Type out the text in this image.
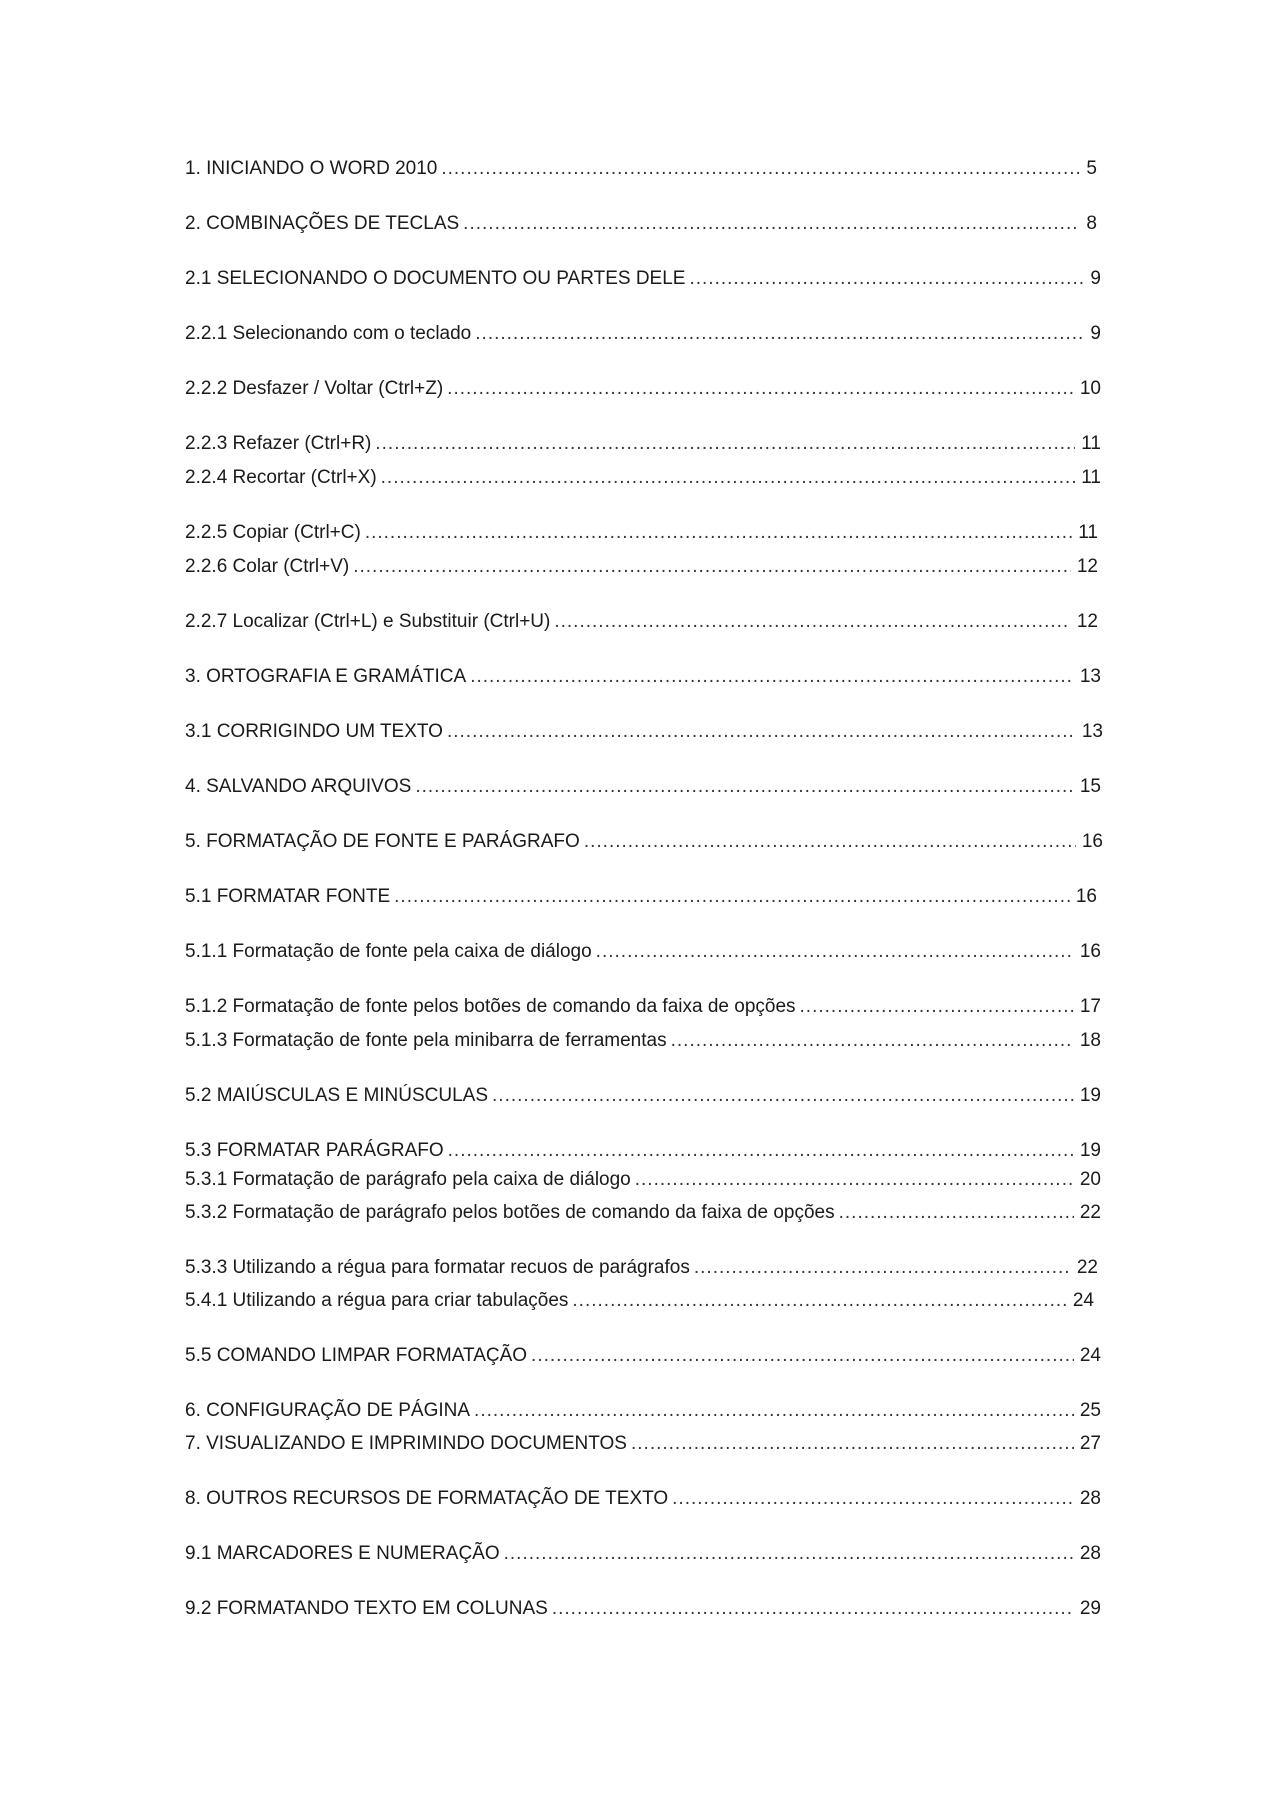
1. INICIANDO O WORD 2010 .....	5
2. COMBINAÇÕES DE TECLAS .....	8
2.1 SELECIONANDO O DOCUMENTO OU PARTES DELE .....	9
2.2.1 Selecionando com o teclado .....	9
2.2.2 Desfazer / Voltar (Ctrl+Z) .....	10
2.2.3 Refazer (Ctrl+R) .....	11
2.2.4 Recortar (Ctrl+X) .....	11
2.2.5 Copiar (Ctrl+C) .....	11
2.2.6 Colar (Ctrl+V) .....	12
2.2.7 Localizar (Ctrl+L) e Substituir (Ctrl+U) .....	12
3. ORTOGRAFIA E GRAMÁTICA .....	13
3.1 CORRIGINDO UM TEXTO .....	13
4. SALVANDO ARQUIVOS .....	15
5. FORMATAÇÃO DE FONTE E PARÁGRAFO .....	16
5.1 FORMATAR FONTE .....	16
5.1.1 Formatação de fonte pela caixa de diálogo .....	16
5.1.2 Formatação de fonte pelos botões de comando da faixa de opções .....	17
5.1.3 Formatação de fonte pela minibarra de ferramentas .....	18
5.2 MAIÚSCULAS E MINÚSCULAS .....	19
5.3 FORMATAR PARÁGRAFO .....	19
5.3.1 Formatação de parágrafo pela caixa de diálogo .....	20
5.3.2 Formatação de parágrafo pelos botões de comando da faixa de opções .....	22
5.3.3 Utilizando a régua para formatar recuos de parágrafos .....	22
5.4.1 Utilizando a régua para criar tabulações .....	24
5.5 COMANDO LIMPAR FORMATAÇÃO .....	24
6. CONFIGURAÇÃO DE PÁGINA .....	25
7. VISUALIZANDO E IMPRIMINDO DOCUMENTOS .....	27
8. OUTROS RECURSOS DE FORMATAÇÃO DE TEXTO .....	28
9.1 MARCADORES E NUMERAÇÃO .....	28
9.2 FORMATANDO TEXTO EM COLUNAS .....	29
